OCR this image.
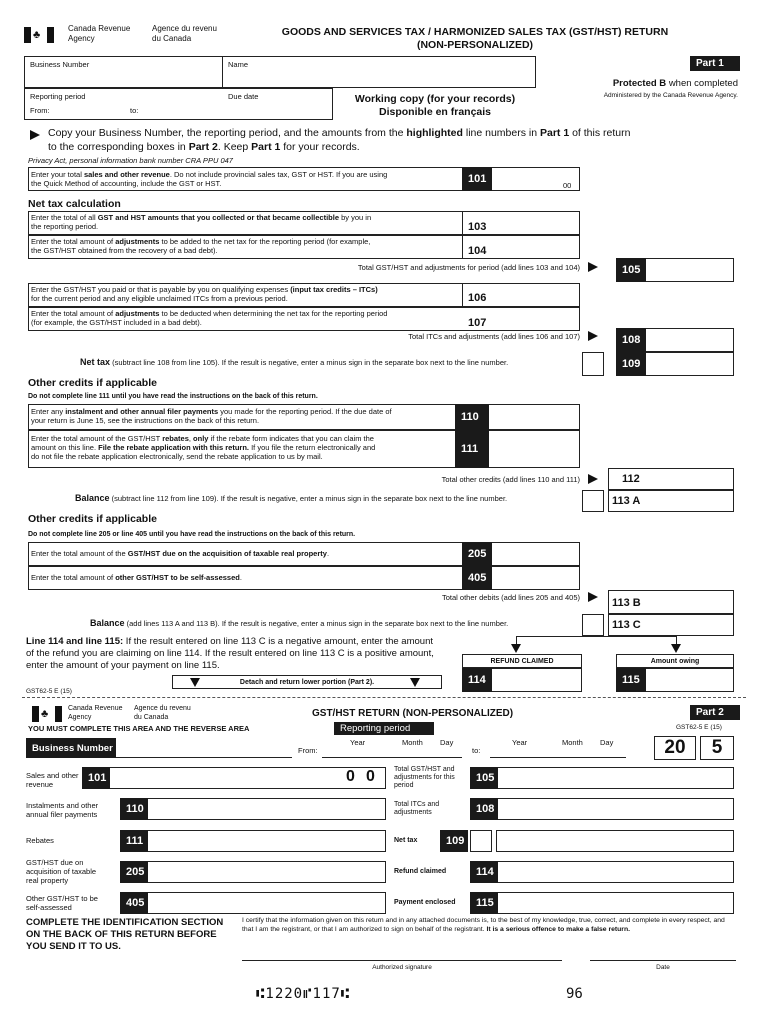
♣
Canada Revenue
Agency
Agence du revenu
du Canada
GOODS AND SERVICES TAX / HARMONIZED SALES TAX (GST/HST) RETURN
(NON-PERSONALIZED)
Business Number	Name
Reporting period	Due date
From:	to:
Working copy (for your records)
Disponible en français
Part 1
Protected B when completed
Administered by the Canada Revenue Agency.
Copy your Business Number, the reporting period, and the amounts from the highlighted line numbers in Part 1 of this return
to the corresponding boxes in Part 2. Keep Part 1 for your records.
Privacy Act, personal information bank number CRA PPU 047
Enter your total sales and other revenue. Do not include provincial sales tax, GST or HST. If you are using
the Quick Method of accounting, include the GST or HST.	101
00
Net tax calculation
Enter the total of all GST and HST amounts that you collected or that became collectible by you in
the reporting period.	103
Enter the total amount of adjustments to be added to the net tax for the reporting period (for example,
the GST/HST obtained from the recovery of a bad debt).	104
Total GST/HST and adjustments for period (add lines 103 and 104)	105
Enter the GST/HST you paid or that is payable by you on qualifying expenses (input tax credits – ITCs)
for the current period and any eligible unclaimed ITCs from a previous period.	106
Enter the total amount of adjustments to be deducted when determining the net tax for the reporting period
(for example, the GST/HST included in a bad debt).	107
Total ITCs and adjustments (add lines 106 and 107)	108
Net tax (subtract line 108 from line 105). If the result is negative, enter a minus sign in the separate box next to the line number.	109
Other credits if applicable
Do not complete line 111 until you have read the instructions on the back of this return.
Enter any instalment and other annual filer payments you made for the reporting period. If the due date of
your return is June 15, see the instructions on the back of this return.	110
Enter the total amount of the GST/HST rebates, only if the rebate form indicates that you can claim the
amount on this line. File the rebate application with this return. If you file the return electronically and
do not file the rebate application electronically, send the rebate application to us by mail.
111
Total other credits (add lines 110 and 111)	112
Balance (subtract line 112 from line 109). If the result is negative, enter a minus sign in the separate box next to the line number.	113 A
Other credits if applicable
Do not complete line 205 or line 405 until you have read the instructions on the back of this return.
Enter the total amount of the GST/HST due on the acquisition of taxable real property.	205
Enter the total amount of other GST/HST to be self-assessed.	405
Total other debits (add lines 205 and 405)	113 B
Balance (add lines 113 A and 113 B). If the result is negative, enter a minus sign in the separate box next to the line number.	113 C
Line 114 and line 115: If the result entered on line 113 C is a negative amount, enter the amount
of the refund you are claiming on line 114. If the result entered on line 113 C is a positive amount,
enter the amount of your payment on line 115.	REFUND CLAIMED	Amount owing
Detach and return lower portion (Part 2).	114	115
GST62-5 E (15)
♣	Canada Revenue
Agency
Agence du revenu
du Canada	GST/HST RETURN (NON-PERSONALIZED)	Part 2
GST62-5 E (15)
YOU MUST COMPLETE THIS AREA AND THE REVERSE AREA	Reporting period
Business Number	From:
Year	Month Day
to:
Year	Month Day	20	5
Sales and other revenue
101	0 0
Instalments and other annual filer payments	110
Rebates	111
GST/HST due on acquisition of taxable real property
205
Other GST/HST to be self-assessed	405
Total GST/HST and adjustments for this period
105
Total ITCs and adjustments	108
Net tax	109
Refund claimed	114
Payment enclosed	115
COMPLETE THE IDENTIFICATION SECTION ON THE BACK OF THIS RETURN BEFORE YOU SEND IT TO US.
I certify that the information given on this return and in any attached documents is, to the best of my knowledge, true, correct, and complete in every respect, and that I am the registrant, or that I am authorized to sign on behalf of the registrant. It is a serious offence to make a false return.
Authorized signature	Date
⑆1220⑈117⑆	96
